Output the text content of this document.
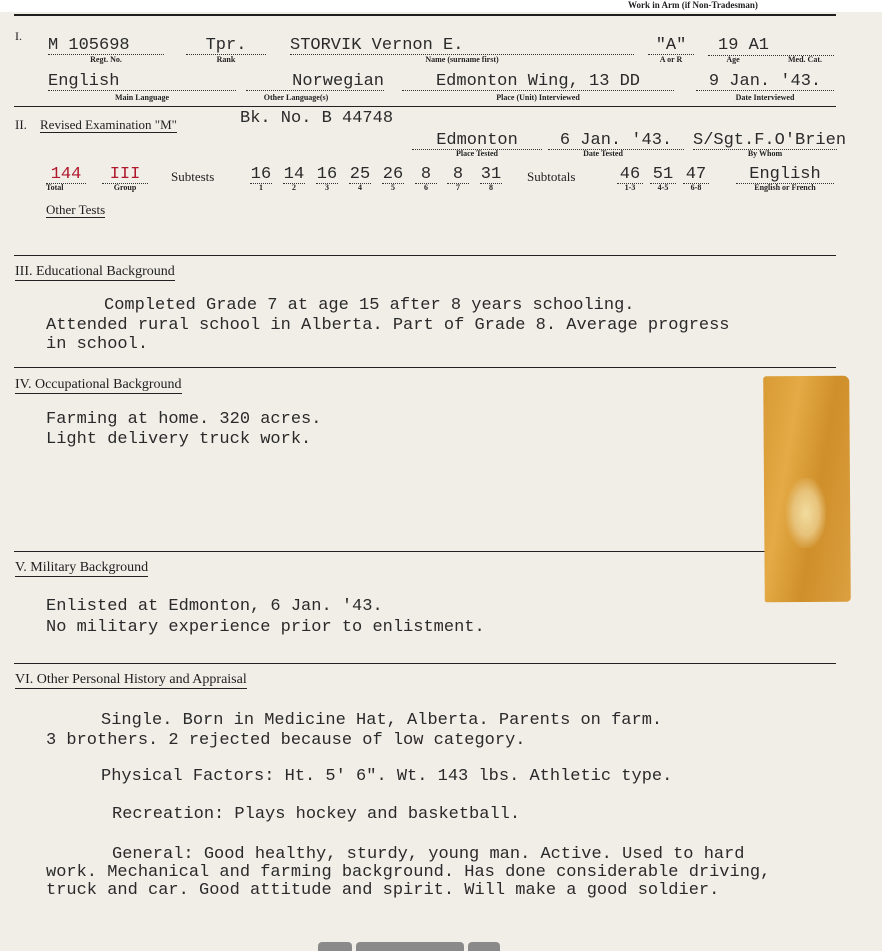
Work in Arm (if Non-Tradesman)
I. M 105698
Regt. No.
Tpr.
Rank
STORVIK Vernon E.
Name (surname first)
"A"
A or R
19 A1
Age	Med. Cat.
English
Main Language
Norwegian
Other Language(s)
Edmonton Wing, 13 DD
Place (Unit) Interviewed
9 Jan. '43.
Date Interviewed
II. Revised Examination "M"	Bk. No. B 44748
Edmonton
Place Tested
6 Jan. '43.
Date Tested
S/Sgt.F.O'Brien
By Whom
144
Total
III
Group
Subtests 16
1
14
2
16
3
25
4
26
5
8
6
8
7
31
8
Subtotals	46
1-3
51
4-5
47
6-8
English
English or French
Other Tests
III. Educational Background
Completed Grade 7 at age 15 after 8 years schooling.
Attended rural school in Alberta. Part of Grade 8. Average progress
in school.
IV. Occupational Background
Farming at home. 320 acres.
Light delivery truck work.
V. Military Background
Enlisted at Edmonton, 6 Jan. '43.
No military experience prior to enlistment.
VI. Other Personal History and Appraisal
Single. Born in Medicine Hat, Alberta. Parents on farm.
3 brothers. 2 rejected because of low category.
Physical Factors: Ht. 5' 6". Wt. 143 lbs. Athletic type.
Recreation: Plays hockey and basketball.
General: Good healthy, sturdy, young man. Active. Used to hard
work. Mechanical and farming background. Has done considerable driving,
truck and car. Good attitude and spirit. Will make a good soldier.
